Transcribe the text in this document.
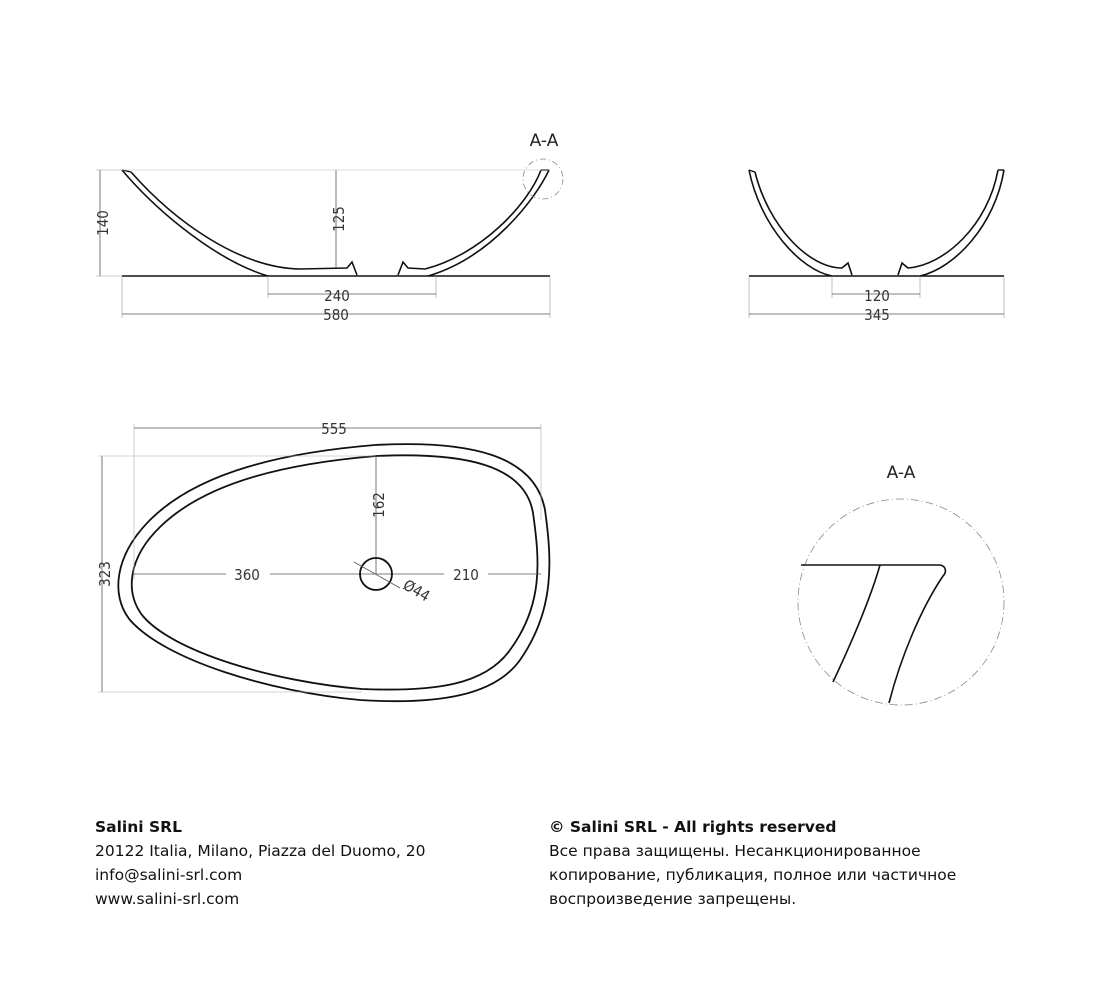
140	125
240
580
A-A
120
345
555
323
162
360	210
Ø44
A-A
Salini SRL
20122 Italia, Milano, Piazza del Duomo, 20
info@salini-srl.com
www.salini-srl.com
© Salini SRL - All rights reserved
Все права защищены. Несанкционированное
копирование, публикация, полное или частичное
воспроизведение запрещены.
